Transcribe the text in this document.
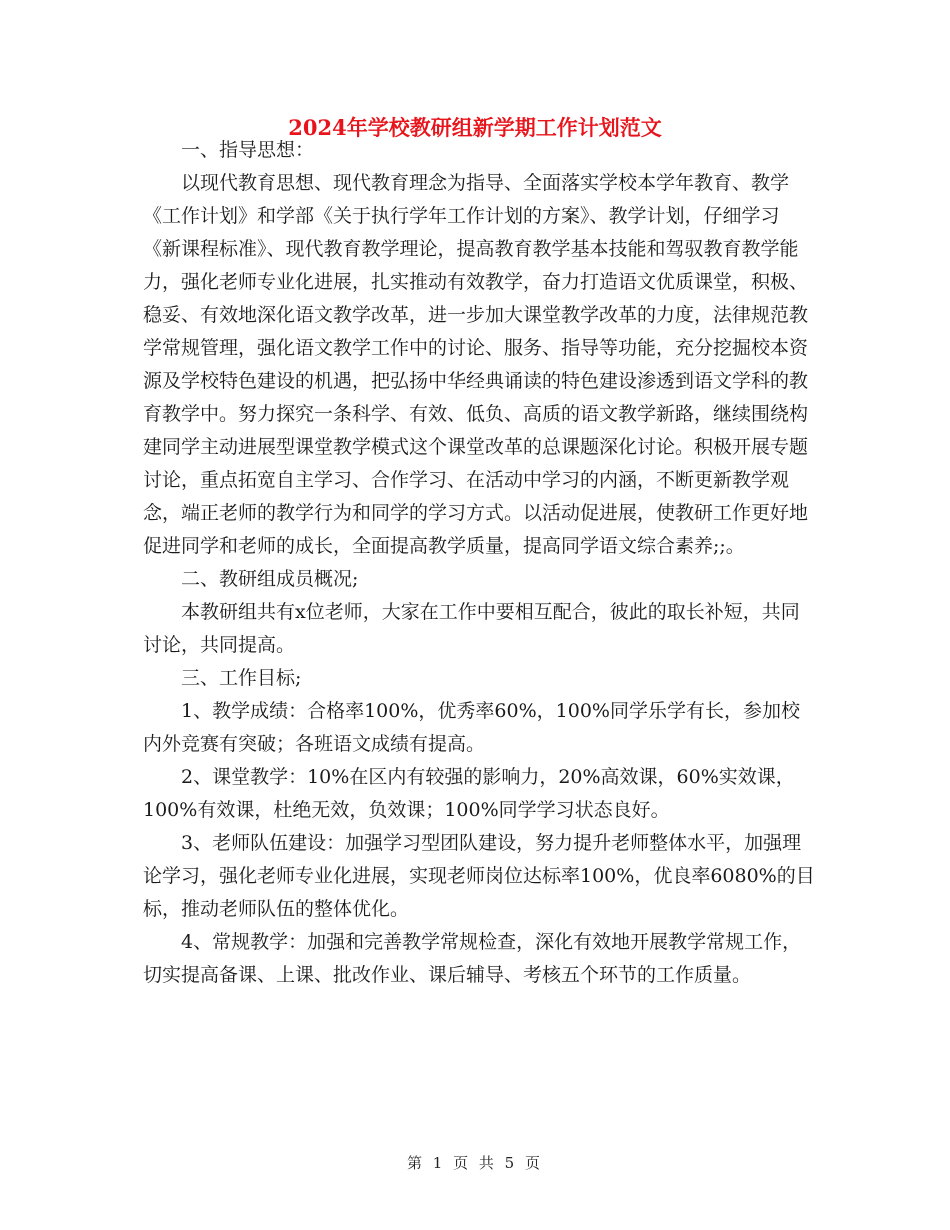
2024年学校教研组新学期工作计划范文

一、指导思想：

以现代教育思想、现代教育理念为指导、全面落实学校本学年教育、教学《工作计划》和学部《关于执行学年工作计划的方案》、教学计划，仔细学习《新课程标准》、现代教育教学理论，提高教育教学基本技能和驾驭教育教学能力，强化老师专业化进展，扎实推动有效教学，奋力打造语文优质课堂，积极、稳妥、有效地深化语文教学改革，进一步加大课堂教学改革的力度，法律规范教学常规管理，强化语文教学工作中的讨论、服务、指导等功能，充分挖掘校本资源及学校特色建设的机遇，把弘扬中华经典诵读的特色建设渗透到语文学科的教育教学中。努力探究一条科学、有效、低负、高质的语文教学新路，继续围绕构建同学主动进展型课堂教学模式这个课堂改革的总课题深化讨论。积极开展专题讨论，重点拓宽自主学习、合作学习、在活动中学习的内涵，不断更新教学观念，端正老师的教学行为和同学的学习方式。以活动促进展，使教研工作更好地促进同学和老师的成长，全面提高教学质量，提高同学语文综合素养;;。

二、教研组成员概况;

本教研组共有x位老师，大家在工作中要相互配合，彼此的取长补短，共同讨论，共同提高。

三、工作目标;

1、教学成绩：合格率100%，优秀率60%，100%同学乐学有长，参加校内外竞赛有突破；各班语文成绩有提高。

2、课堂教学：10%在区内有较强的影响力，20%高效课，60%实效课，100%有效课，杜绝无效，负效课；100%同学学习状态良好。

3、老师队伍建设：加强学习型团队建设，努力提升老师整体水平，加强理论学习，强化老师专业化进展，实现老师岗位达标率100%，优良率6080%的目标，推动老师队伍的整体优化。

4、常规教学：加强和完善教学常规检查，深化有效地开展教学常规工作，切实提高备课、上课、批改作业、课后辅导、考核五个环节的工作质量。

第 1 页 共 5 页
